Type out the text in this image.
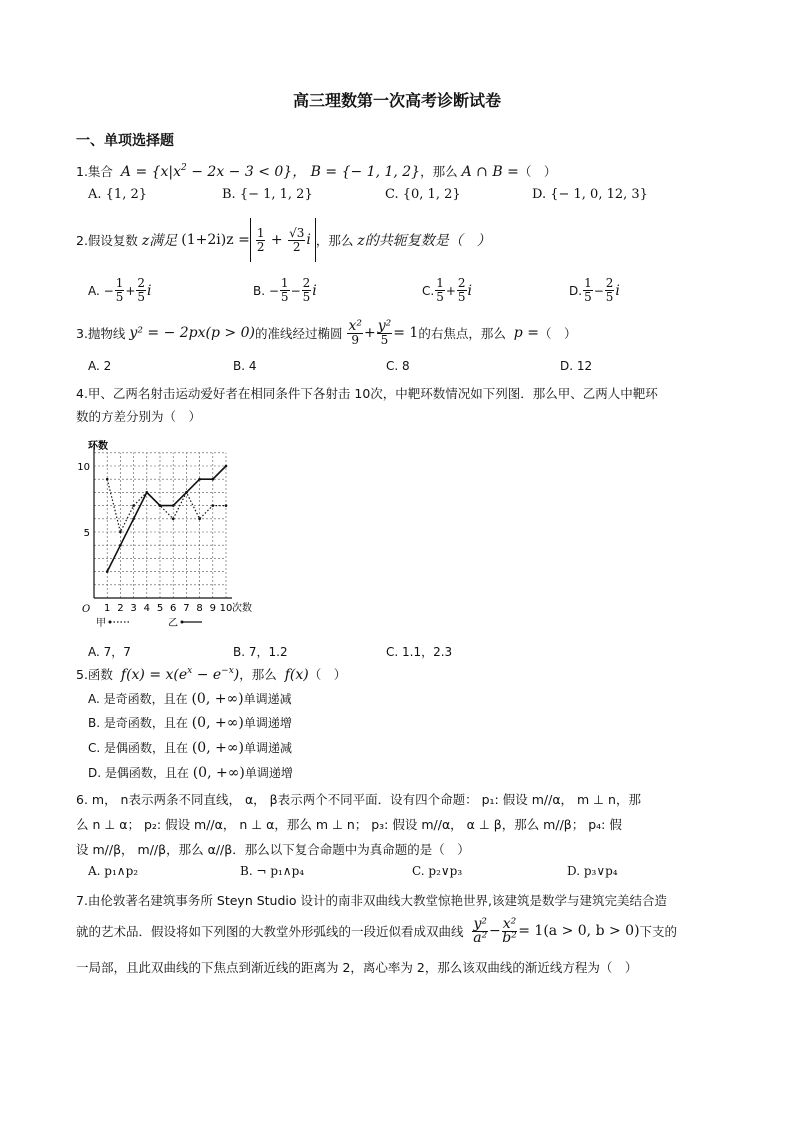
高三理数第一次高考诊断试卷
一、单项选择题
1.集合 $A = \{x|x^2 - 2x - 3 < 0\}$， B = {− 1, 1, 2}，那么 A ∩ B =（　）
A. {1, 2}	B. {− 1, 1, 2}	C. {0, 1, 2}	D. {− 1, 0, 12, 3}
2.假设复数
z满足
$(1+2i)z = \frac{1}{2} + \frac{√3}{2}$ i ，那么
z的共轭复数是（　）
A. − $\frac{1}{5} + \frac{2}{5}$ i	B. − $\frac{1}{5} - \frac{2}{5}$ i	C. $\frac{1}{5} + \frac{2}{5}$ i	D. $\frac{1}{5} - \frac{2}{5}$ i
3.抛物线
y² = − 2px(p > 0) 的准线经过椭圆
$\frac{\text{x²}}{9} + \frac{\text{y²}}{5} = 1$ 的右焦点，那么
p = （　）
A. 2	B. 4	C. 8	D. 12
4.甲、乙两名射击运动爱好者在相同条件下各射击 10次，中靶环数情况如下列图．那么甲、乙两人中靶环
数的方差分别为（　）
1 2 3 4 5 6 7 8 9 10
5
10
O
环数
次数
甲	乙
A. 7，7	B. 7，1.2	C. 1.1，2.3
5.函数 $f(x) = x(e^x - e^{-x})$，那么 f(x)（　）
A. 是奇函数，且在 (0, +∞)单调递减
B. 是奇函数，且在 (0, +∞)单调递增
C. 是偶函数，且在 (0, +∞)单调递减
D. 是偶函数，且在 (0, +∞)单调递增
6. m， n表示两条不同直线， α， β表示两个不同平面．设有四个命题： p₁: 假设 m//α， m ⊥ n，那
么 n ⊥ α； p₂: 假设 m//α， n ⊥ α，那么 m ⊥ n； p₃: 假设 m//α， α ⊥ β，那么 m//β； p₄: 假
设 m//β， m//β，那么 α//β．那么以下复合命题中为真命题的是（　）
A. p₁∧p₂	B. ¬ p₁∧p₄	C. p₂∨p₃	D. p₃∨p₄
7.由伦敦著名建筑事务所 Steyn Studio 设计的南非双曲线大教堂惊艳世界,该建筑是数学与建筑完美结合造
就的艺术品．假设将如下列图的大教堂外形弧线的一段近似看成双曲线
$\frac{\text{y²}}{\text{a²}} - \frac{\text{x²}}{\text{b²}} = 1(a > 0$, b > 0) 下支的
一局部，且此双曲线的下焦点到渐近线的距离为 2，离心率为 2，那么该双曲线的渐近线方程为（　）
